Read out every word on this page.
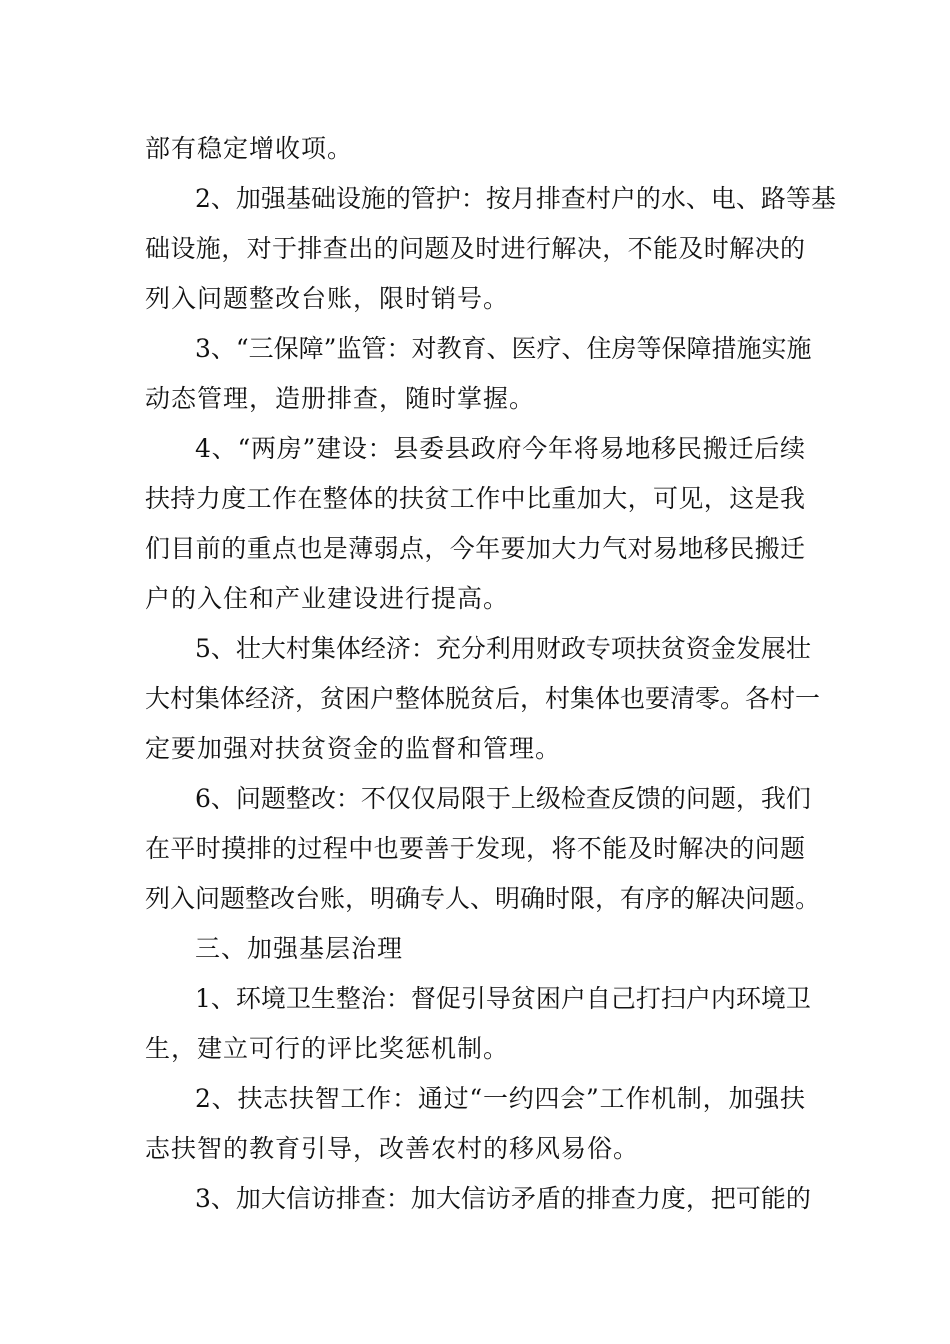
部有稳定增收项。
2、加强基础设施的管护：按月排查村户的水、电、路等基
础设施，对于排查出的问题及时进行解决，不能及时解决的
列入问题整改台账，限时销号。
3、“三保障”监管：对教育、医疗、住房等保障措施实施
动态管理，造册排查，随时掌握。
4、“两房”建设：县委县政府今年将易地移民搬迁后续
扶持力度工作在整体的扶贫工作中比重加大，可见，这是我
们目前的重点也是薄弱点，今年要加大力气对易地移民搬迁
户的入住和产业建设进行提高。
5、壮大村集体经济：充分利用财政专项扶贫资金发展壮
大村集体经济，贫困户整体脱贫后，村集体也要清零。各村一
定要加强对扶贫资金的监督和管理。
6、问题整改：不仅仅局限于上级检查反馈的问题，我们
在平时摸排的过程中也要善于发现，将不能及时解决的问题
列入问题整改台账，明确专人、明确时限，有序的解决问题。
三、加强基层治理
1、环境卫生整治：督促引导贫困户自己打扫户内环境卫
生，建立可行的评比奖惩机制。
2、扶志扶智工作：通过“一约四会”工作机制，加强扶
志扶智的教育引导，改善农村的移风易俗。
3、加大信访排查：加大信访矛盾的排查力度，把可能的
